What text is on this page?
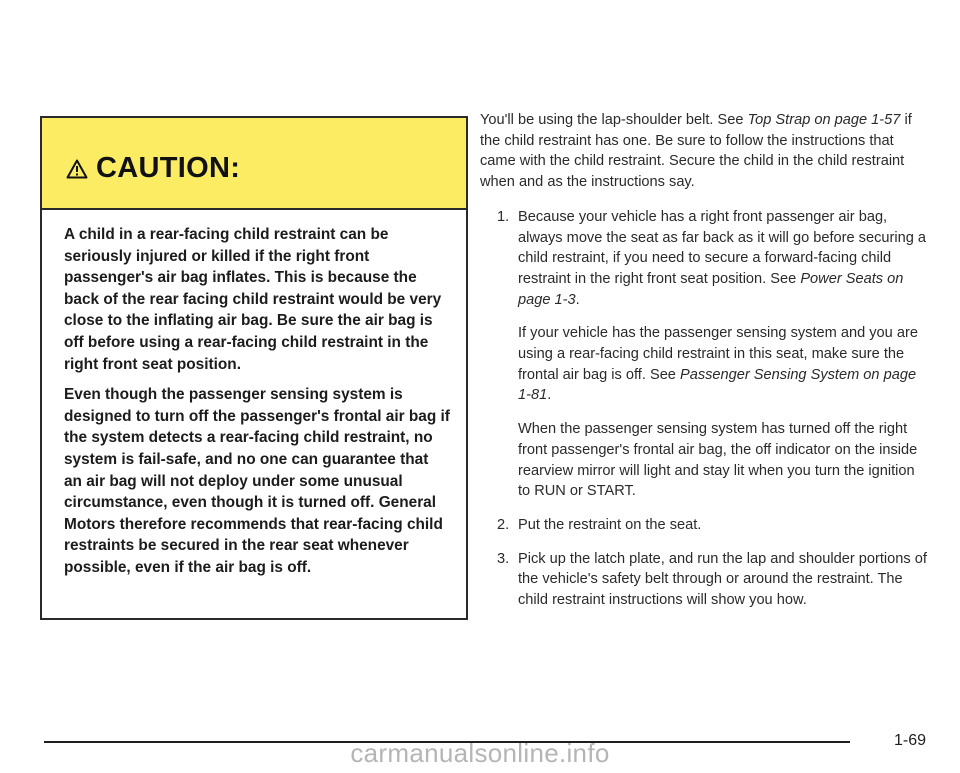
CAUTION:

A child in a rear-facing child restraint can be seriously injured or killed if the right front passenger's air bag inflates. This is because the back of the rear facing child restraint would be very close to the inflating air bag. Be sure the air bag is off before using a rear-facing child restraint in the right front seat position.

Even though the passenger sensing system is designed to turn off the passenger's frontal air bag if the system detects a rear-facing child restraint, no system is fail-safe, and no one can guarantee that an air bag will not deploy under some unusual circumstance, even though it is turned off. General Motors therefore recommends that rear-facing child restraints be secured in the rear seat whenever possible, even if the air bag is off.

You'll be using the lap-shoulder belt. See Top Strap on page 1-57 if the child restraint has one. Be sure to follow the instructions that came with the child restraint. Secure the child in the child restraint when and as the instructions say.

1. Because your vehicle has a right front passenger air bag, always move the seat as far back as it will go before securing a child restraint, if you need to secure a forward-facing child restraint in the right front seat position. See Power Seats on page 1-3.

If your vehicle has the passenger sensing system and you are using a rear-facing child restraint in this seat, make sure the frontal air bag is off. See Passenger Sensing System on page 1-81.

When the passenger sensing system has turned off the right front passenger's frontal air bag, the off indicator on the inside rearview mirror will light and stay lit when you turn the ignition to RUN or START.

2. Put the restraint on the seat.

3. Pick up the latch plate, and run the lap and shoulder portions of the vehicle's safety belt through or around the restraint. The child restraint instructions will show you how.

1-69
carmanualsonline.info
